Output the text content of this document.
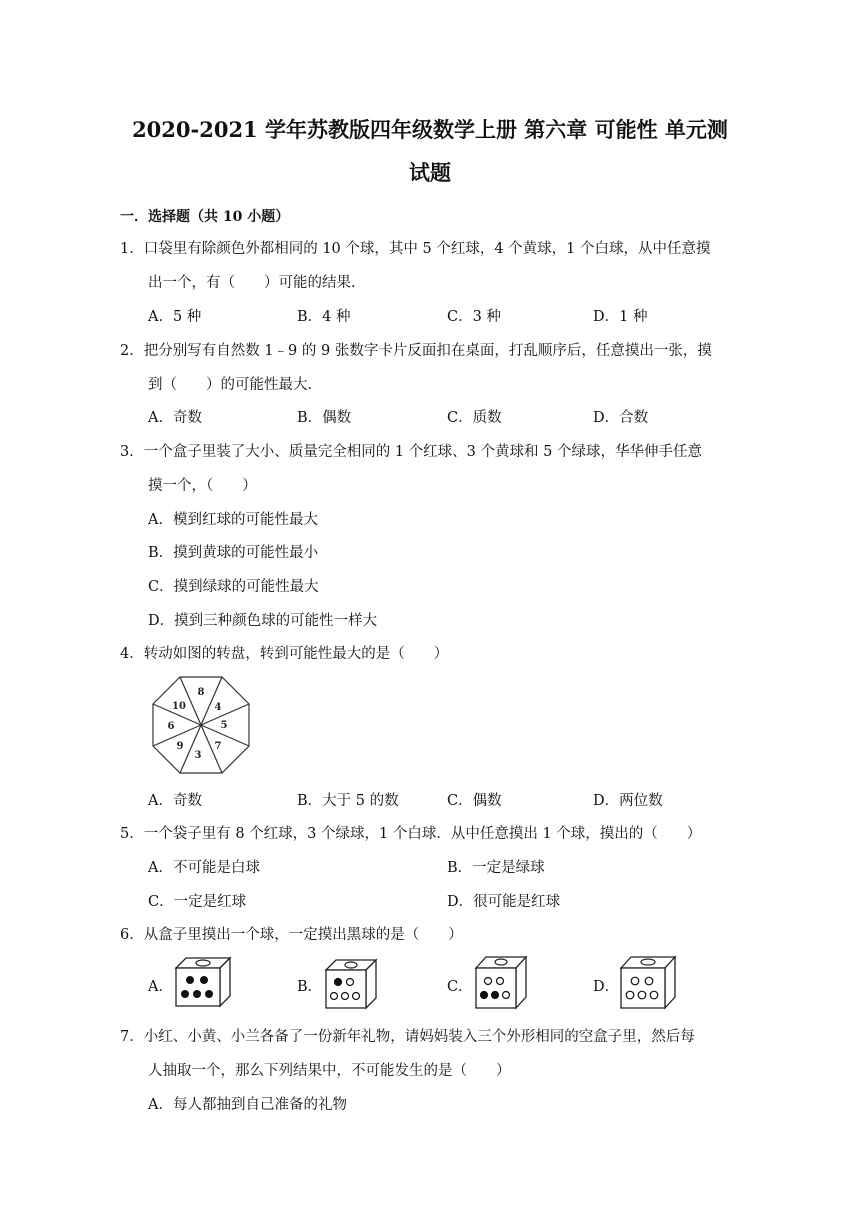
2020-2021 学年苏教版四年级数学上册 第六章 可能性 单元测
试题
一．选择题（共 10 小题）
1．口袋里有除颜色外都相同的 10 个球，其中 5 个红球，4 个黄球，1 个白球，从中任意摸
出一个，有（　　）可能的结果.
A．5 种	B．4 种	C．3 种	D．1 种
2．把分别写有自然数 1﹣9 的 9 张数字卡片反面扣在桌面，打乱顺序后，任意摸出一张，摸
到（　　）的可能性最大.
A．奇数	B．偶数	C．质数	D．合数
3．一个盒子里装了大小、质量完全相同的 1 个红球、3 个黄球和 5 个绿球，华华伸手任意
摸一个，（　　）
A．模到红球的可能性最大
B．摸到黄球的可能性最小
C．摸到绿球的可能性最大
D．摸到三种颜色球的可能性一样大
4．转动如图的转盘，转到可能性最大的是（　　）
8
4
5
7
3
9
6
10
A．奇数	B．大于 5 的数	C．偶数	D．两位数
5．一个袋子里有 8 个红球，3 个绿球，1 个白球．从中任意摸出 1 个球，摸出的（　　）
A．不可能是白球	B．一定是绿球
C．一定是红球	D．很可能是红球
6．从盒子里摸出一个球，一定摸出黑球的是（　　）
A．	B．	C．	D．
7．小红、小黄、小兰各备了一份新年礼物，请妈妈装入三个外形相同的空盒子里，然后每
人抽取一个，那么下列结果中，不可能发生的是（　　）
A．每人都抽到自己准备的礼物
